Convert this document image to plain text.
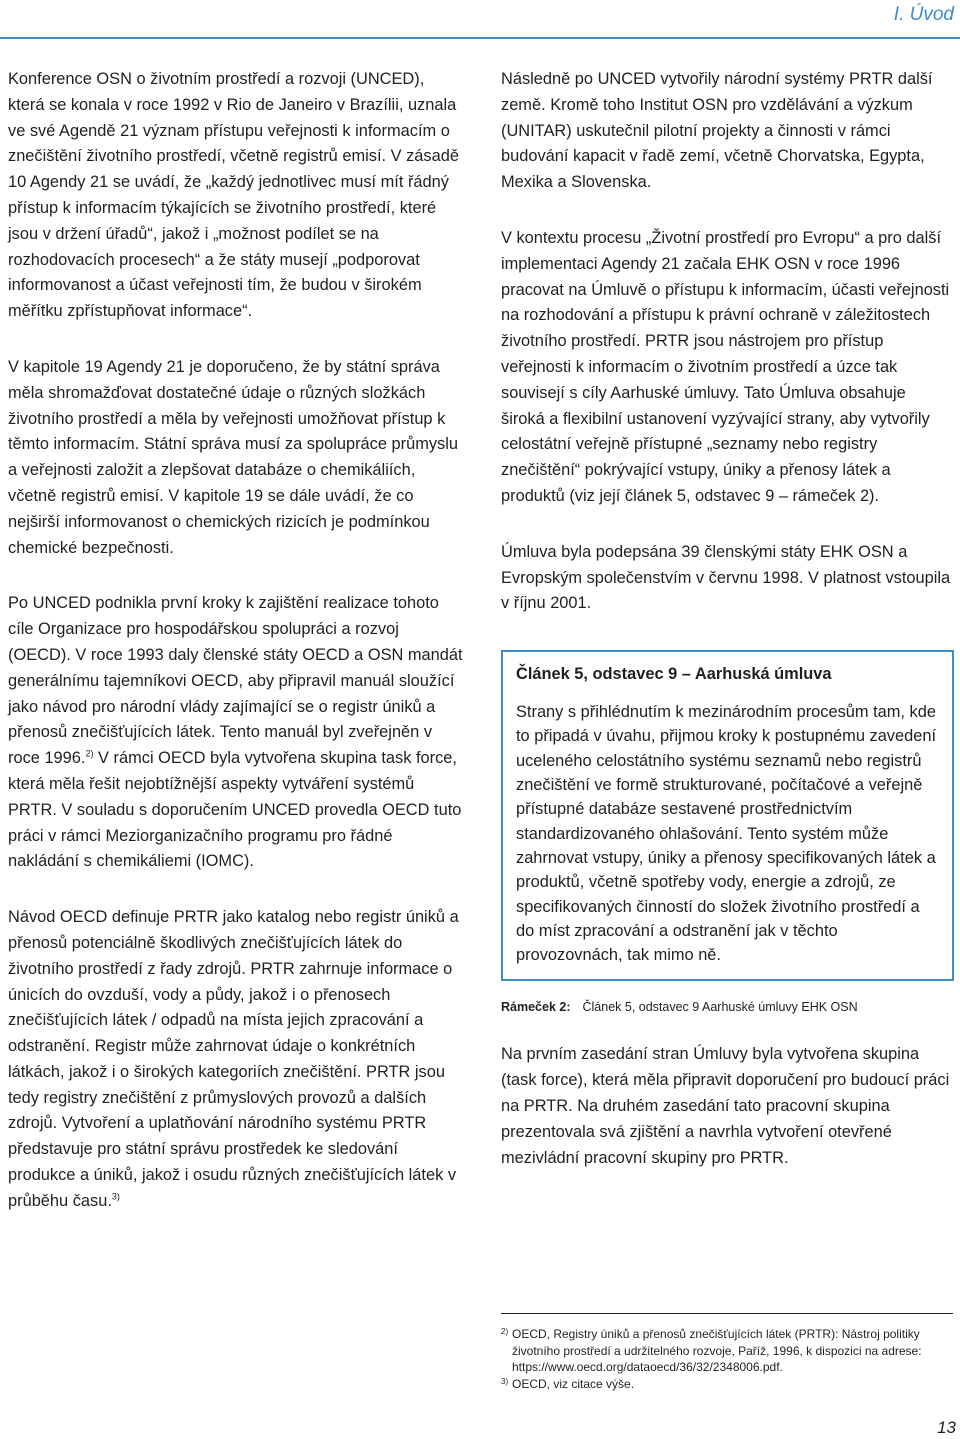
I. Úvod

Konference OSN o životním prostředí a rozvoji (UNCED), která se konala v roce 1992 v Rio de Janeiro v Brazílii, uznala ve své Agendě 21 význam přístupu veřejnosti k informacím o znečištění životního prostředí, včetně registrů emisí. V zásadě 10 Agendy 21 se uvádí, že „každý jednotlivec musí mít řádný přístup k informacím týkajících se životního prostředí, které jsou v držení úřadů“, jakož i „možnost podílet se na rozhodovacích procesech“ a že státy musejí „podporovat informovanost a účast veřejnosti tím, že budou v širokém měřítku zpřístupňovat informace“.

V kapitole 19 Agendy 21 je doporučeno, že by státní správa měla shromažďovat dostatečné údaje o různých složkách životního prostředí a měla by veřejnosti umožňovat přístup k těmto informacím. Státní správa musí za spolupráce průmyslu a veřejnosti založit a zlepšovat databáze o chemikáliích, včetně registrů emisí. V kapitole 19 se dále uvádí, že co nejširší informovanost o chemických rizicích je podmínkou chemické bezpečnosti.

Po UNCED podnikla první kroky k zajištění realizace tohoto cíle Organizace pro hospodářskou spolupráci a rozvoj (OECD). V roce 1993 daly členské státy OECD a OSN mandát generálnímu tajemníkovi OECD, aby připravil manuál sloužící jako návod pro národní vlády zajímající se o registr úniků a přenosů znečišťujících látek. Tento manuál byl zveřejněn v roce 1996.$^{2)}$ V rámci OECD byla vytvořena skupina task force, která měla řešit nejobtížnější aspekty vytváření systémů PRTR. V souladu s doporučením UNCED provedla OECD tuto práci v rámci Meziorganizačního programu pro řádné nakládání s chemikáliemi (IOMC).

Návod OECD definuje PRTR jako katalog nebo registr úniků a přenosů potenciálně škodlivých znečišťujících látek do životního prostředí z řady zdrojů. PRTR zahrnuje informace o únicích do ovzduší, vody a půdy, jakož i o přenosech znečišťujících látek / odpadů na místa jejich zpracování a odstranění. Registr může zahrnovat údaje o konkrétních látkách, jakož i o širokých kategoriích znečištění. PRTR jsou tedy registry znečištění z průmyslových provozů a dalších zdrojů. Vytvoření a uplatňování národního systému PRTR představuje pro státní správu prostředek ke sledování produkce a úniků, jakož i osudu různých znečišťujících látek v průběhu času.$^{3)}$

Následně po UNCED vytvořily národní systémy PRTR další země. Kromě toho Institut OSN pro vzdělávání a výzkum (UNITAR) uskutečnil pilotní projekty a činnosti v rámci budování kapacit v řadě zemí, včetně Chorvatska, Egypta, Mexika a Slovenska.

V kontextu procesu „Životní prostředí pro Evropu“ a pro další implementaci Agendy 21 začala EHK OSN v roce 1996 pracovat na Úmluvě o přístupu k informacím, účasti veřejnosti na rozhodování a přístupu k právní ochraně v záležitostech životního prostředí. PRTR jsou nástrojem pro přístup veřejnosti k informacím o životním prostředí a úzce tak souvisejí s cíly Aarhuské úmluvy. Tato Úmluva obsahuje široká a flexibilní ustanovení vyzývající strany, aby vytvořily celostátní veřejně přístupné „seznamy nebo registry znečištění“ pokrývající vstupy, úniky a přenosy látek a produktů (viz její článek 5, odstavec 9 – rámeček 2).

Úmluva byla podepsána 39 členskými státy EHK OSN a Evropským společenstvím v červnu 1998. V platnost vstoupila v říjnu 2001.

Článek 5, odstavec 9 – Aarhuská úmluva
Strany s přihlédnutím k mezinárodním procesům tam, kde to připadá v úvahu, přijmou kroky k postupnému zavedení uceleného celostátního systému seznamů nebo registrů znečištění ve formě strukturované, počítačové a veřejně přístupné databáze sestavené prostřednictvím standardizovaného ohlašování. Tento systém může zahrnovat vstupy, úniky a přenosy specifikovaných látek a produktů, včetně spotřeby vody, energie a zdrojů, ze specifikovaných činností do složek životního prostředí a do míst zpracování a odstranění jak v těchto provozovnách, tak mimo ně.
Rámeček 2: Článek 5, odstavec 9 Aarhuské úmluvy EHK OSN

Na prvním zasedání stran Úmluvy byla vytvořena skupina (task force), která měla připravit doporučení pro budoucí práci na PRTR. Na druhém zasedání tato pracovní skupina prezentovala svá zjištění a navrhla vytvoření otevřené mezivládní pracovní skupiny pro PRTR.

2) OECD, Registry úniků a přenosů znečišťujících látek (PRTR): Nástroj politiky životního prostředí a udržitelného rozvoje, Paříž, 1996, k dispozici na adrese: https://www.oecd.org/dataoecd/36/32/2348006.pdf.

3) OECD, viz citace výše.

13
